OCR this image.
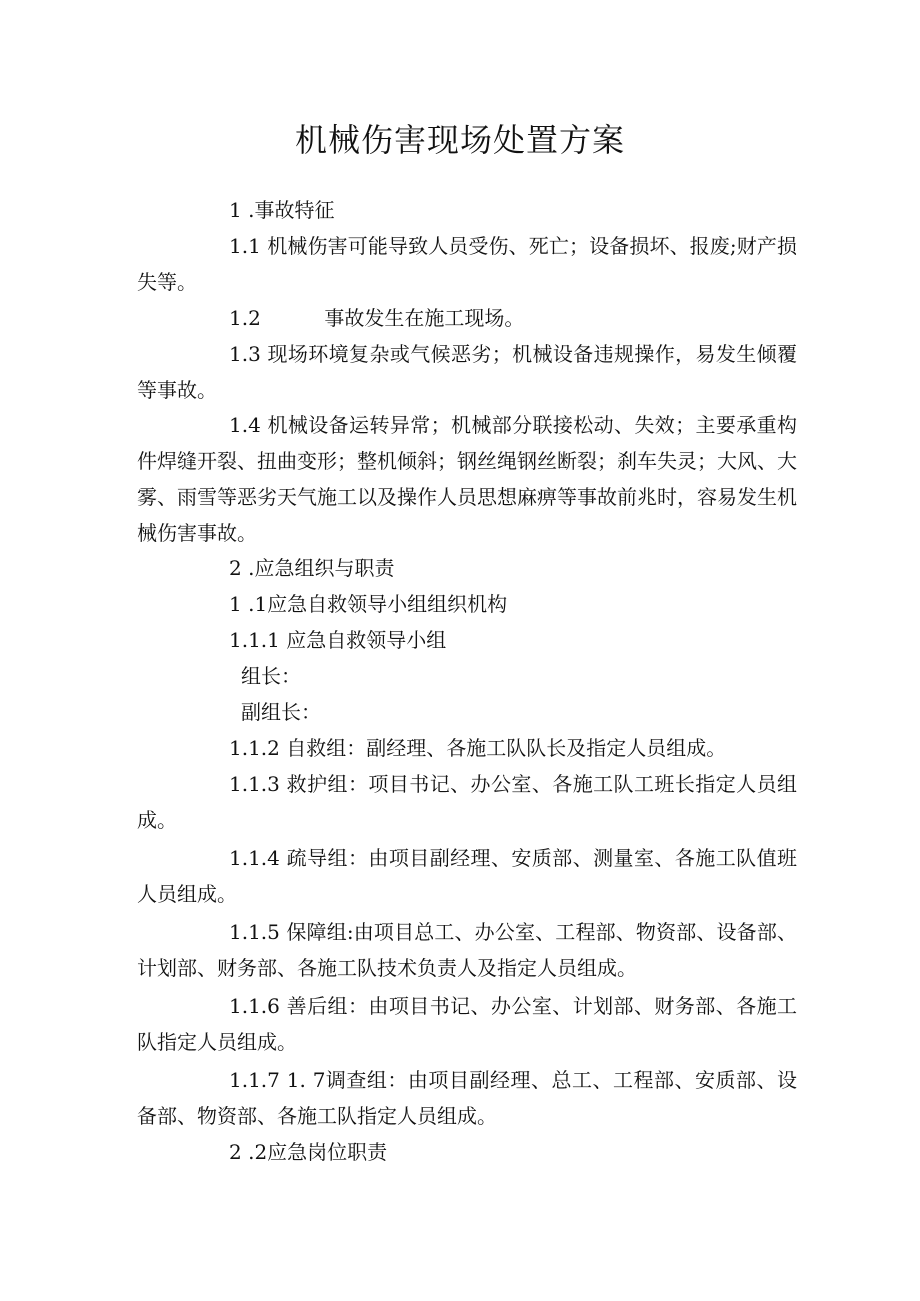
机械伤害现场处置方案

1 .事故特征

1.1 机械伤害可能导致人员受伤、死亡；设备损坏、报废;财产损失等。

1.2          事故发生在施工现场。

1.3 现场环境复杂或气候恶劣；机械设备违规操作，易发生倾覆等事故。

1.4 机械设备运转异常；机械部分联接松动、失效；主要承重构件焊缝开裂、扭曲变形；整机倾斜；钢丝绳钢丝断裂；刹车失灵；大风、大雾、雨雪等恶劣天气施工以及操作人员思想麻痹等事故前兆时，容易发生机械伤害事故。

2 .应急组织与职责

1 .1应急自救领导小组组织机构

1.1.1 应急自救领导小组

组长：

副组长：

1.1.2 自救组：副经理、各施工队队长及指定人员组成。

1.1.3 救护组：项目书记、办公室、各施工队工班长指定人员组成。

1.1.4 疏导组：由项目副经理、安质部、测量室、各施工队值班人员组成。

1.1.5 保障组:由项目总工、办公室、工程部、物资部、设备部、计划部、财务部、各施工队技术负责人及指定人员组成。

1.1.6 善后组：由项目书记、办公室、计划部、财务部、各施工队指定人员组成。

1.1.7 1. 7调查组：由项目副经理、总工、工程部、安质部、设备部、物资部、各施工队指定人员组成。

2 .2应急岗位职责
